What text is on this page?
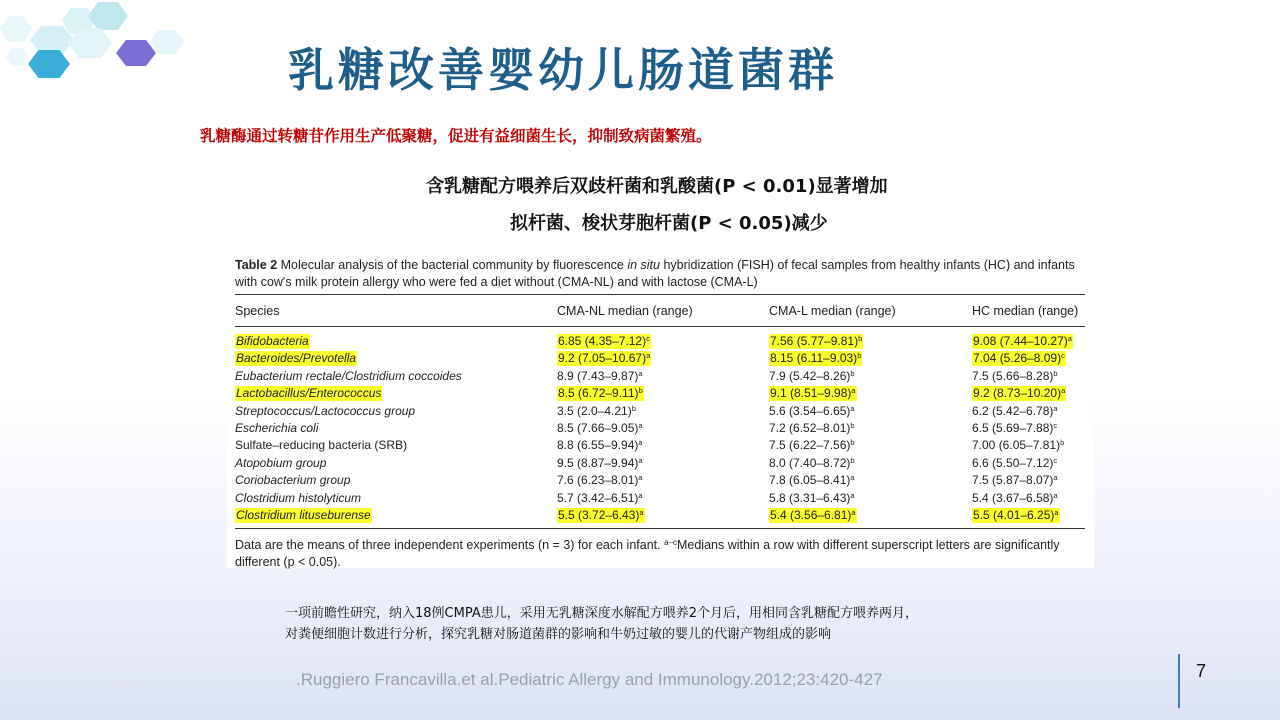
乳糖改善婴幼儿肠道菌群
乳糖酶通过转糖苷作用生产低聚糖，促进有益细菌生长，抑制致病菌繁殖。
含乳糖配方喂养后双歧杆菌和乳酸菌(P < 0.01)显著增加
拟杆菌、梭状芽胞杆菌(P < 0.05)减少
Table 2 Molecular analysis of the bacterial community by fluorescence in situ hybridization (FISH) of fecal samples from healthy infants (HC) and infants with cow's milk protein allergy who were fed a diet without (CMA-NL) and with lactose (CMA-L)
Species	CMA-NL median (range)	CMA-L median (range)	HC median (range)
Bifidobacteria	6.85 $(4.35-7.12)^c$	7.56 $(5.77-9.81)^b$	9.08 $(7.44-10.27)^a$
Bacteroides/Prevotella	9.2 $(7.05-10.67)^a$	8.15 $(6.11-9.03)^b$	7.04 $(5.26-8.09)^c$
Eubacterium rectale/Clostridium coccoides	8.9 $(7.43-9.87)^a$	7.9 $(5.42-8.26)^b$	7.5 $(5.66-8.28)^b$
Lactobacillus/Enterococcus	8.5 $(6.72-9.11)^b$	9.1 $(8.51-9.98)^a$	9.2 $(8.73-10.20)^a$
Streptococcus/Lactococcus group	3.5 $(2.0-4.21)^b$	5.6 $(3.54-6.65)^a$	6.2 $(5.42-6.78)^a$
Escherichia coli	8.5 $(7.66-9.05)^a$	7.2 $(6.52-8.01)^b$	6.5 $(5.69-7.88)^c$
Sulfate–reducing bacteria (SRB)	8.8 $(6.55-9.94)^a$	7.5 $(6.22-7.56)^b$	7.00 $(6.05-7.81)^b$
Atopobium group	9.5 $(8.87-9.94)^a$	8.0 $(7.40-8.72)^b$	6.6 $(5.50-7.12)^c$
Coriobacterium group	7.6 $(6.23-8.01)^a$	7.8 $(6.05-8.41)^a$	7.5 $(5.87-8.07)^a$
Clostridium histolyticum	5.7 $(3.42-6.51)^a$	5.8 $(3.31-6.43)^a$	5.4 $(3.67-6.58)^a$
Clostridium lituseburense	5.5 $(3.72-6.43)^a$	5.4 $(3.56-6.81)^a$	5.5 $(4.01-6.25)^a$
Data are the means of three independent experiments (n = 3) for each infant. $^{a-c}$Medians within a row with different superscript letters are significantly different (p < 0.05).
一项前瞻性研究，纳入18例CMPA患儿，采用无乳糖深度水解配方喂养2个月后，用相同含乳糖配方喂养两月，
对粪便细胞计数进行分析，探究乳糖对肠道菌群的影响和牛奶过敏的婴儿的代谢产物组成的影响
.Ruggiero Francavilla.et al.Pediatric Allergy and Immunology.2012;23:420-427	7
